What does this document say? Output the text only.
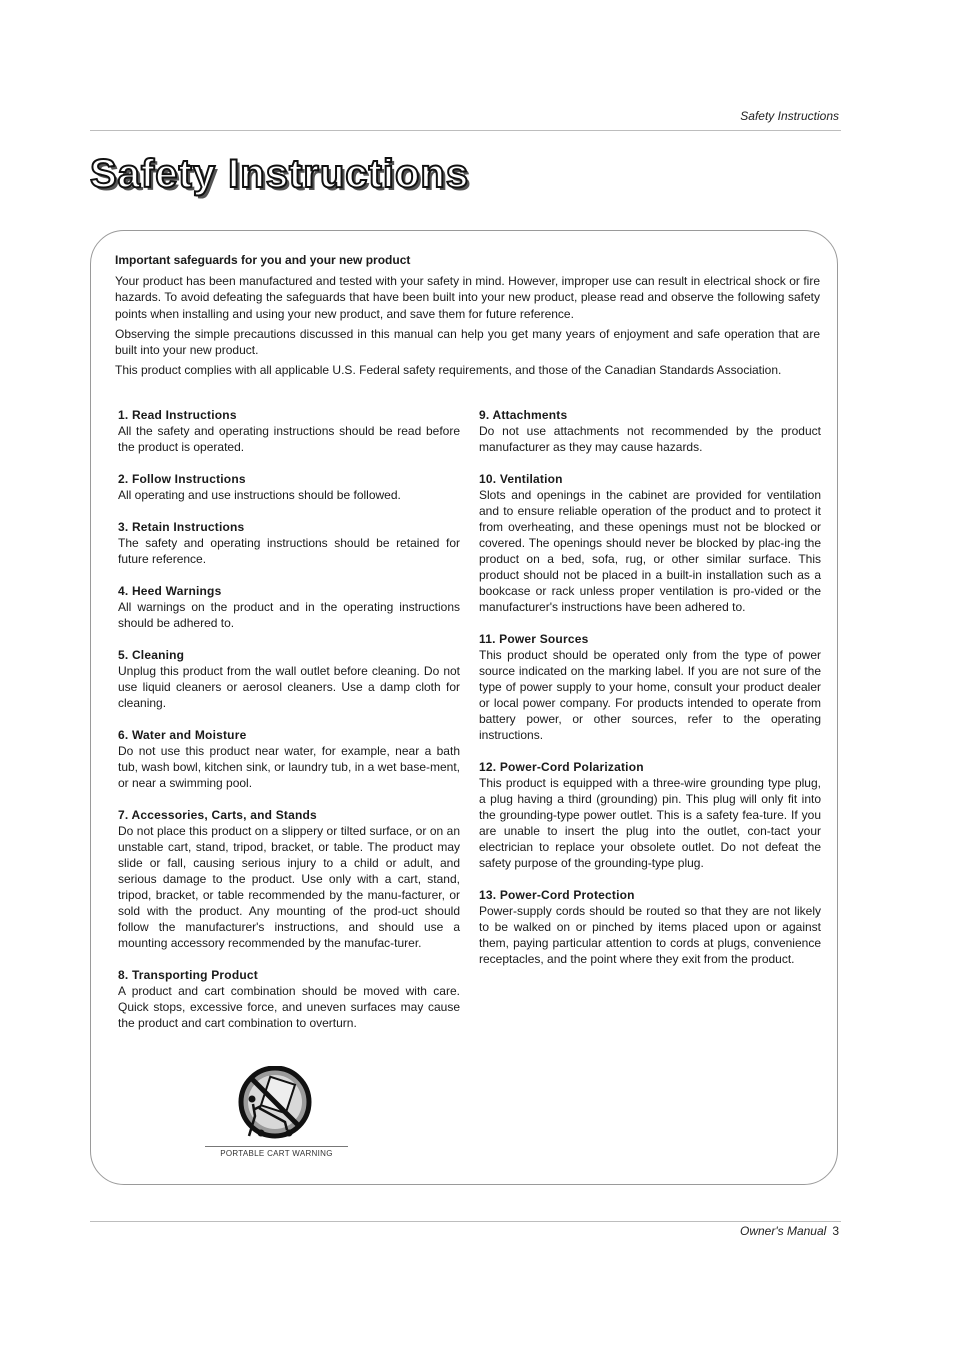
Safety Instructions
Safety Instructions
Important safeguards for you and your new product

Your product has been manufactured and tested with your safety in mind. However, improper use can result in electrical shock or fire hazards. To avoid defeating the safeguards that have been built into your new product, please read and observe the following safety points when installing and using your new product, and save them for future reference.

Observing the simple precautions discussed in this manual can help you get many years of enjoyment and safe operation that are built into your new product.

This product complies with all applicable U.S. Federal safety requirements, and those of the Canadian Standards Association.

1. Read Instructions

All the safety and operating instructions should be read before the product is operated.

2. Follow Instructions

All operating and use instructions should be followed.

3. Retain Instructions

The safety and operating instructions should be retained for future reference.

4. Heed Warnings

All warnings on the product and in the operating instructions should be adhered to.

5. Cleaning

Unplug this product from the wall outlet before cleaning. Do not use liquid cleaners or aerosol cleaners. Use a damp cloth for cleaning.

6. Water and Moisture

Do not use this product near water, for example, near a bath tub, wash bowl, kitchen sink, or laundry tub, in a wet base-ment, or near a swimming pool.

7. Accessories, Carts, and Stands

Do not place this product on a slippery or tilted surface, or on an unstable cart, stand, tripod, bracket, or table. The product may slide or fall, causing serious injury to a child or adult, and serious damage to the product. Use only with a cart, stand, tripod, bracket, or table recommended by the manu-facturer, or sold with the product. Any mounting of the prod-uct should follow the manufacturer's instructions, and should use a mounting accessory recommended by the manufac-turer.

8. Transporting Product

A product and cart combination should be moved with care. Quick stops, excessive force, and uneven surfaces may cause the product and cart combination to overturn.

9. Attachments

Do not use attachments not recommended by the product manufacturer as they may cause hazards.

10. Ventilation

Slots and openings in the cabinet are provided for ventilation and to ensure reliable operation of the product and to protect it from overheating, and these openings must not be blocked or covered. The openings should never be blocked by plac-ing the product on a bed, sofa, rug, or other similar surface. This product should not be placed in a built-in installation such as a bookcase or rack unless proper ventilation is pro-vided or the manufacturer's instructions have been adhered to.

11. Power Sources

This product should be operated only from the type of power source indicated on the marking label. If you are not sure of the type of power supply to your home, consult your product dealer or local power company. For products intended to operate from battery power, or other sources, refer to the operating instructions.

12. Power-Cord Polarization

This product is equipped with a three-wire grounding type plug, a plug having a third (grounding) pin. This plug will only fit into the grounding-type power outlet. This is a safety fea-ture. If you are unable to insert the plug into the outlet, con-tact your electrician to replace your obsolete outlet. Do not defeat the safety purpose of the grounding-type plug.

13. Power-Cord Protection

Power-supply cords should be routed so that they are not likely to be walked on or pinched by items placed upon or against them, paying particular attention to cords at plugs, convenience receptacles, and the point where they exit from the product.

PORTABLE CART WARNING
Owner's Manual 3
